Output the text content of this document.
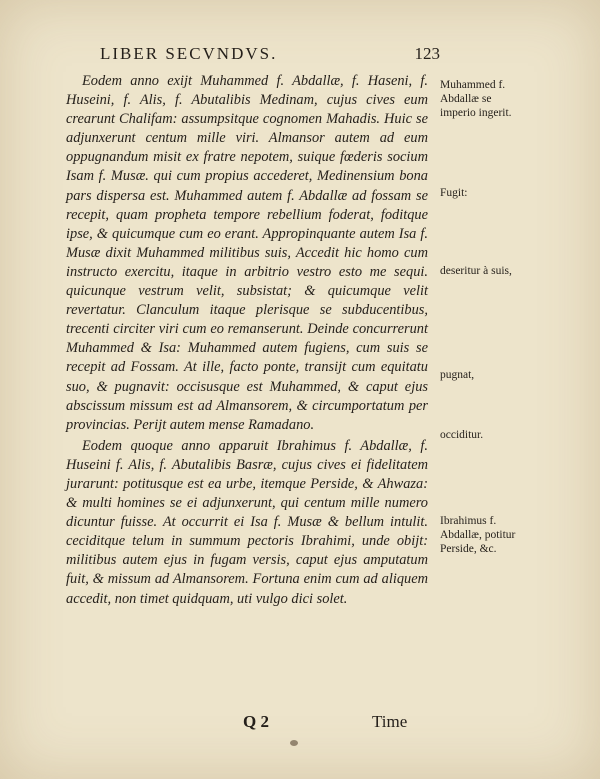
LIBER SECVNDVS.	123

Eodem anno exijt Muhammed f. Abdallæ, f. Haseni, f. Huseini, f. Alis, f. Abutalibis Medinam, cujus cives eum crearunt Chalifam: assumpsitque cognomen Mahadis. Huic se adjunxerunt centum mille viri. Almansor autem ad eum oppugnandum misit ex fratre nepotem, suique fœderis socium Isam f. Musæ. qui cum propius accederet, Medinensium bona pars dispersa est. Muhammed autem f. Abdallæ ad fossam se recepit, quam propheta tempore rebellium foderat, foditque ipse, & quicumque cum eo erant. Appropinquante autem Isa f. Musæ dixit Muhammed militibus suis, Accedit hic homo cum instructo exercitu, itaque in arbitrio vestro esto me sequi. quicunque vestrum velit, subsistat; & quicumque velit revertatur. Clanculum itaque plerisque se subducentibus, trecenti circiter viri cum eo remanserunt. Deinde concurrerunt Muhammed & Isa: Muhammed autem fugiens, cum suis se recepit ad Fossam. At ille, facto ponte, transijt cum equitatu suo, & pugnavit: occisusque est Muhammed, & caput ejus abscissum missum est ad Almansorem, & circumportatum per provincias. Perijt autem mense Ramadano.

Eodem quoque anno apparuit Ibrahimus f. Abdallæ, f. Huseini f. Alis, f. Abutalibis Basræ, cujus cives ei fidelitatem jurarunt: potitusque est ea urbe, itemque Perside, & Ahwaza: & multi homines se ei adjunxerunt, qui centum mille numero dicuntur fuisse. At occurrit ei Isa f. Musæ & bellum intulit. ceciditque telum in summum pectoris Ibrahimi, unde obijt: militibus autem ejus in fugam versis, caput ejus amputatum fuit, & missum ad Almansorem. Fortuna enim cum ad aliquem accedit, non timet quidquam, uti vulgo dici solet.

Muhammed f. Abdallæ se imperio ingerit.
Fugit:
deseritur à suis,
pugnat,
occiditur.
Ibrahimus f. Abdallæ, potitur Perside, &c.
Q 2	Time
